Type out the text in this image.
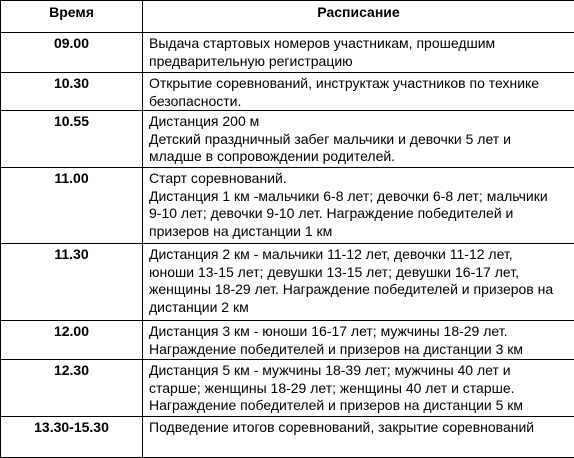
Время	Расписание
09.00	Выдача стартовых номеров участникам, прошедшим
предварительную регистрацию

10.30	Открытие соревнований, инструктаж участников по технике
безопасности.

10.55	Дистанция 200 м
Детский праздничный забег мальчики и девочки 5 лет и
младше в сопровождении родителей.

11.00	Старт соревнований.
Дистанция 1 км -мальчики 6-8 лет; девочки 6-8 лет; мальчики
9-10 лет; девочки 9-10 лет. Награждение победителей и
призеров на дистанции 1 км

11.30	Дистанция 2 км - мальчики 11-12 лет, девочки 11-12 лет,
юноши 13-15 лет; девушки 13-15 лет; девушки 16-17 лет,
женщины 18-29 лет. Награждение победителей и призеров на
дистанции 2 км

12.00	Дистанция 3 км - юноши 16-17 лет; мужчины 18-29 лет.
Награждение победителей и призеров на дистанции 3 км

12.30	Дистанция 5 км - мужчины 18-39 лет; мужчины 40 лет и
старше; женщины 18-29 лет; женщины 40 лет и старше.
Награждение победителей и призеров на дистанции 5 км

13.30-15.30	Подведение итогов соревнований, закрытие соревнований
